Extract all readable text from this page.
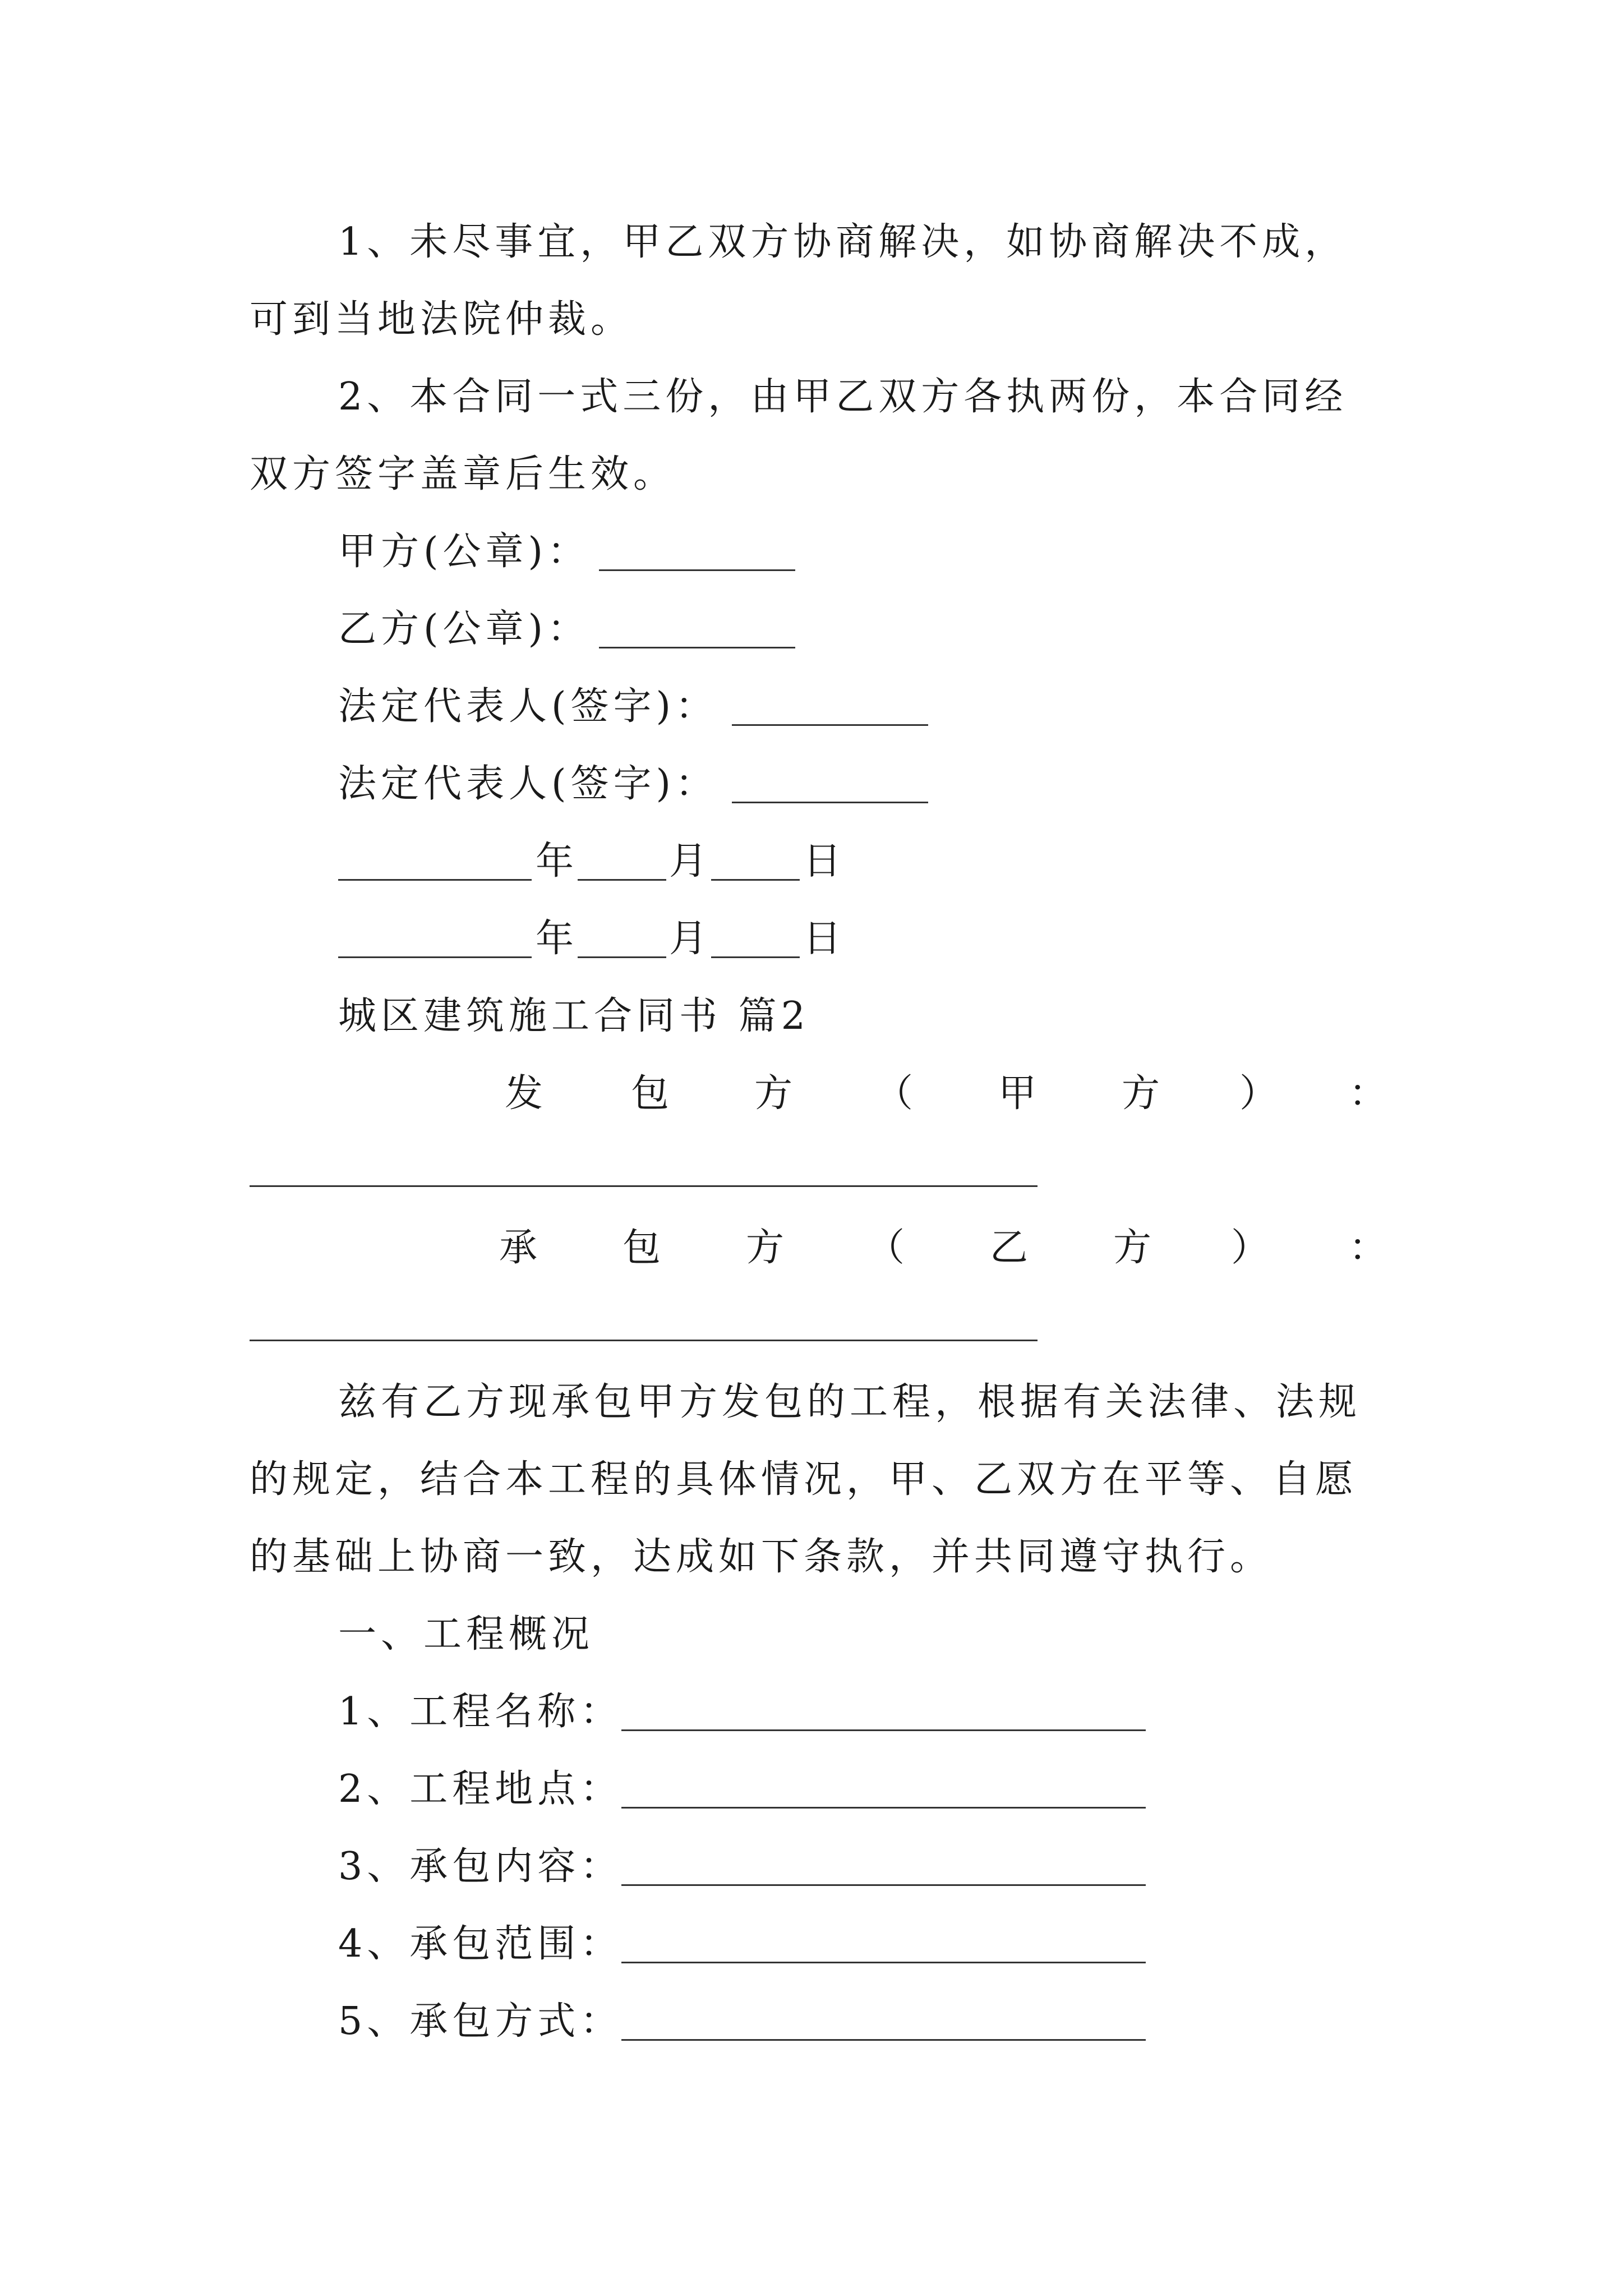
1、未尽事宜，甲乙双方协商解决，如协商解决不成，
可到当地法院仲裁。
2、本合同一式三份，由甲乙双方各执两份，本合同经
双方签字盖章后生效。
甲方(公章)：
乙方(公章)：
法定代表人(签字)：
法定代表人(签字)：
年 月 日
年 月 日
城区建筑施工合同书 篇2
发 包 方 （ 甲 方 ） ：
承 包 方 （ 乙 方 ） ：
兹有乙方现承包甲方发包的工程，根据有关法律、法规
的规定，结合本工程的具体情况，甲、乙双方在平等、自愿
的基础上协商一致，达成如下条款，并共同遵守执行。
一、工程概况
1、工程名称：
2、工程地点：
3、承包内容：
4、承包范围：
5、承包方式：
